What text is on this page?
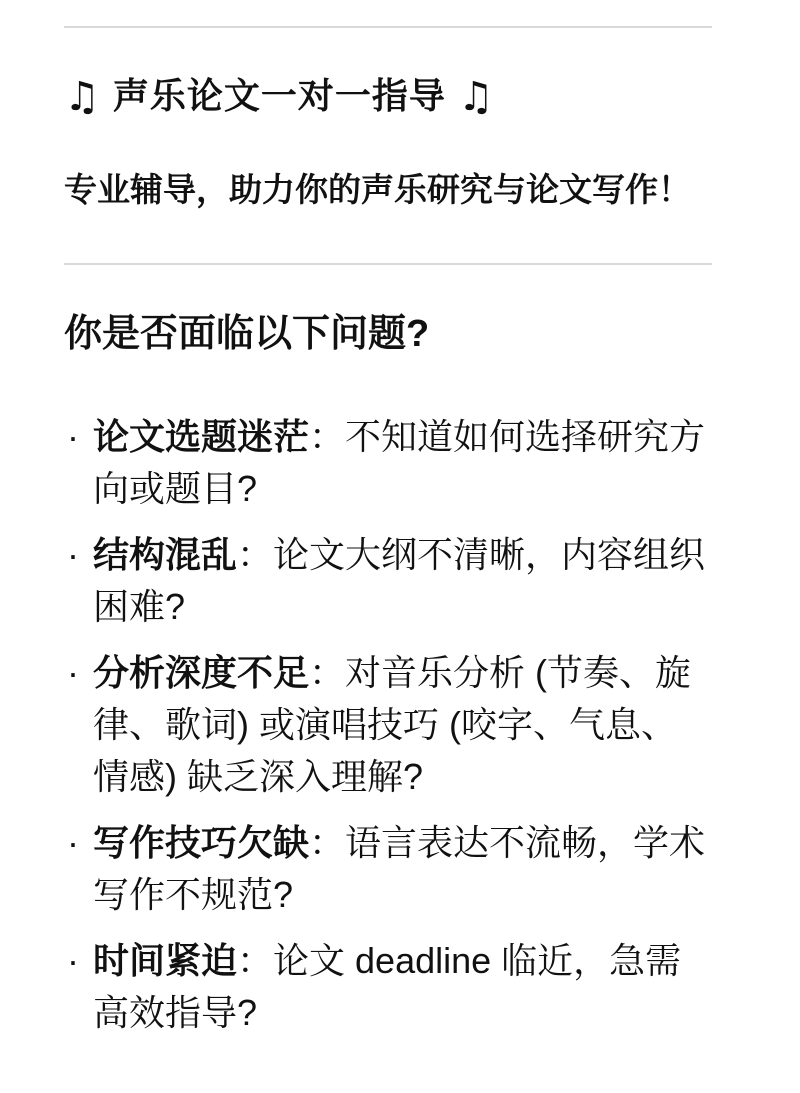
♫ 声乐论文一对一指导 ♫

专业辅导，助力你的声乐研究与论文写作！

你是否面临以下问题?
· 论文选题迷茫：不知道如何选择研究方向或题目?
· 结构混乱：论文大纲不清晰，内容组织困难?
· 分析深度不足：对音乐分析 (节奏、旋律、歌词) 或演唱技巧 (咬字、气息、情感) 缺乏深入理解?
· 写作技巧欠缺：语言表达不流畅，学术写作不规范?
· 时间紧迫：论文 deadline 临近，急需高效指导?
